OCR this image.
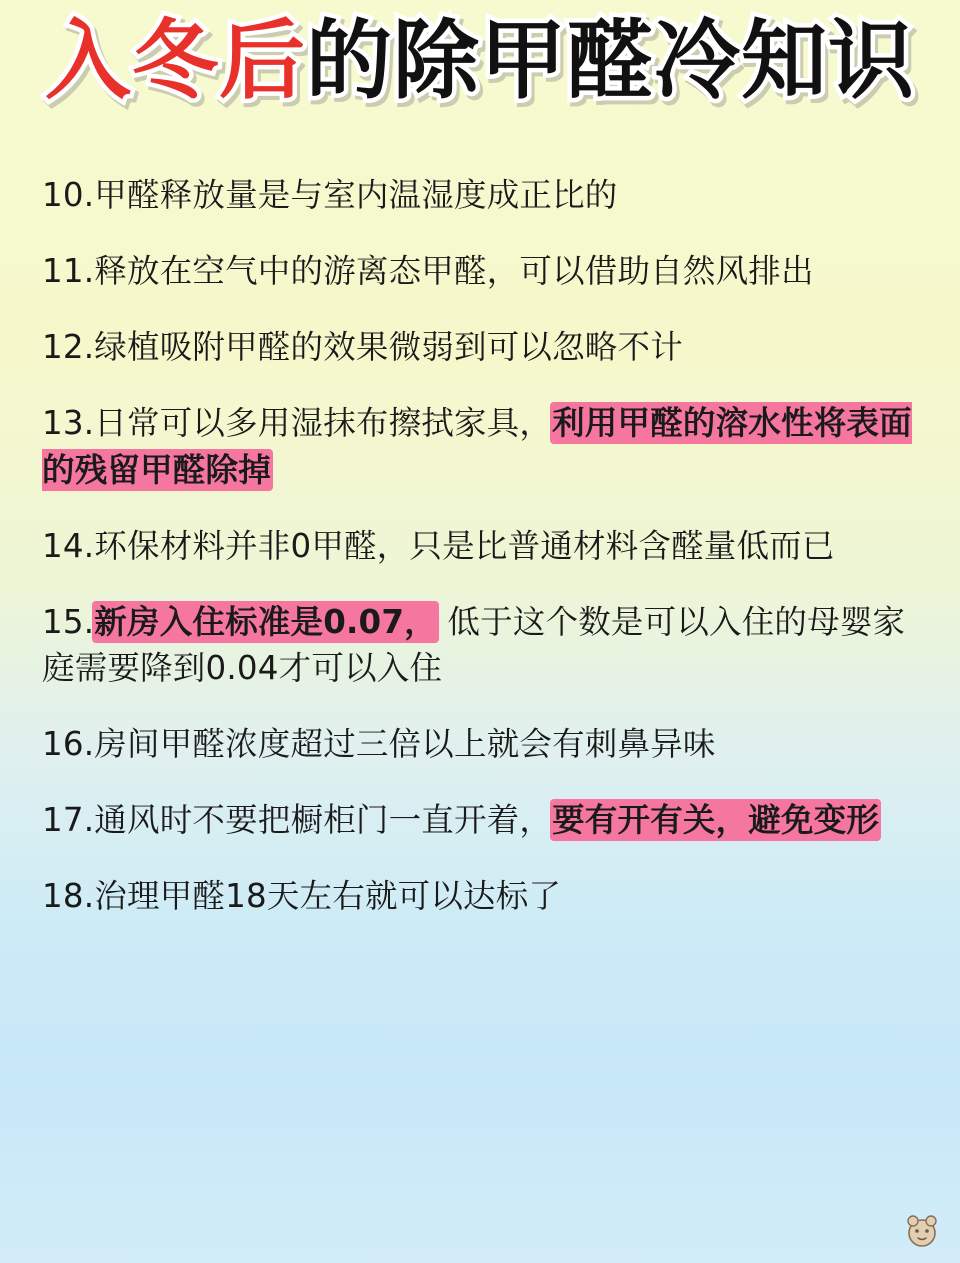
入冬后的除甲醛冷知识
10.甲醛释放量是与室内温湿度成正比的
11.释放在空气中的游离态甲醛，可以借助自然风排出
12.绿植吸附甲醛的效果微弱到可以忽略不计
13.日常可以多用湿抹布擦拭家具，利用甲醛的溶水性将表面的残留甲醛除掉
14.环保材料并非0甲醛，只是比普通材料含醛量低而已
15.新房入住标准是0.07， 低于这个数是可以入住的母婴家庭需要降到0.04才可以入住
16.房间甲醛浓度超过三倍以上就会有刺鼻异味
17.通风时不要把橱柜门一直开着，要有开有关，避免变形
18.治理甲醛18天左右就可以达标了
